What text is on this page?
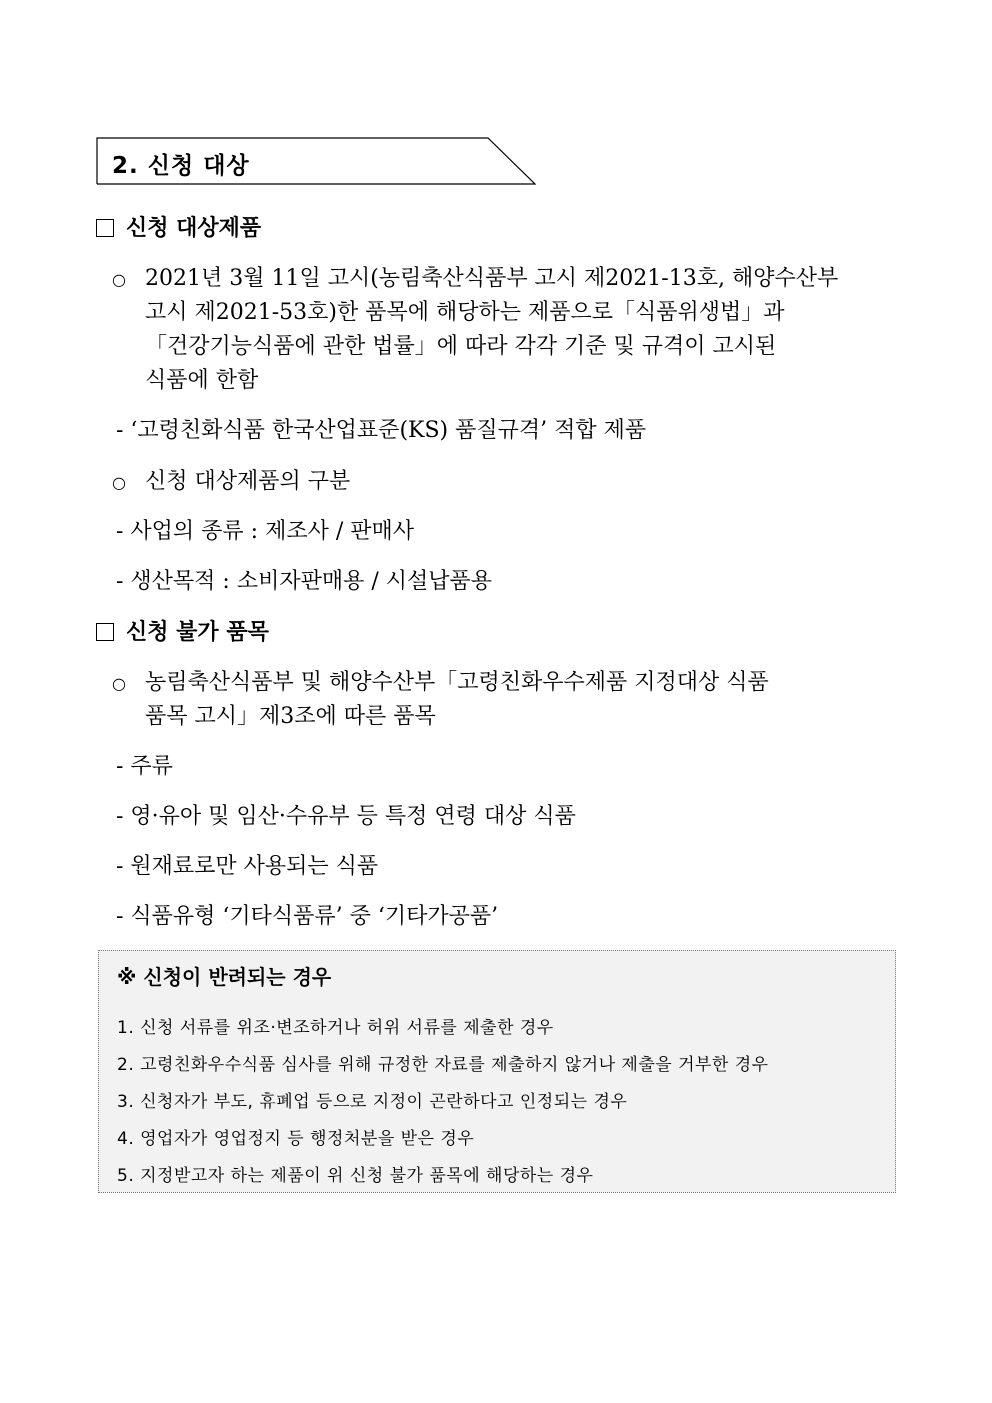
2. 신청 대상
신청 대상제품
○ 2021년 3월 11일 고시(농림축산식품부 고시 제2021-13호, 해양수산부
고시 제2021-53호)한 품목에 해당하는 제품으로「식품위생법」과
「건강기능식품에 관한 법률」에 따라 각각 기준 및 규격이 고시된
식품에 한함
- ‘고령친화식품 한국산업표준(KS) 품질규격’ 적합 제품
○ 신청 대상제품의 구분
- 사업의 종류 : 제조사 / 판매사
- 생산목적 : 소비자판매용 / 시설납품용
신청 불가 품목
○ 농림축산식품부 및 해양수산부「고령친화우수제품 지정대상 식품
품목 고시」제3조에 따른 품목
- 주류
- 영·유아 및 임산·수유부 등 특정 연령 대상 식품
- 원재료로만 사용되는 식품
- 식품유형 ‘기타식품류’ 중 ‘기타가공품’
※ 신청이 반려되는 경우
1. 신청 서류를 위조·변조하거나 허위 서류를 제출한 경우
2. 고령친화우수식품 심사를 위해 규정한 자료를 제출하지 않거나 제출을 거부한 경우
3. 신청자가 부도, 휴폐업 등으로 지정이 곤란하다고 인정되는 경우
4. 영업자가 영업정지 등 행정처분을 받은 경우
5. 지정받고자 하는 제품이 위 신청 불가 품목에 해당하는 경우
